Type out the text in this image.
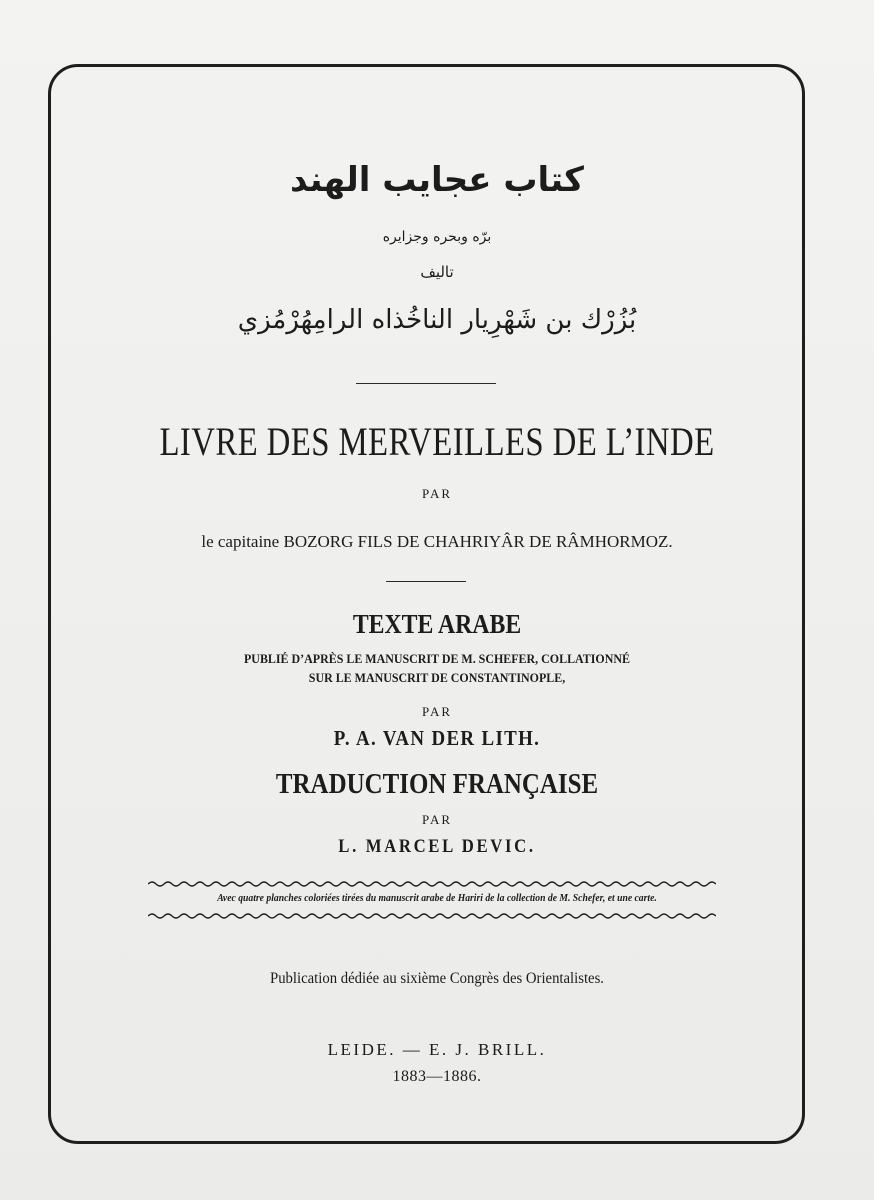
كتاب عجايب الهند
برّه وبحره وجزايره
تاليف
بُزُرْك بن شَهْرِيار الناخُذاه الرامِهُرْمُزي
LIVRE DES MERVEILLES DE L’INDE
PAR
le capitaine BOZORG FILS DE CHAHRIYÂR DE RÂMHORMOZ.
TEXTE ARABE
PUBLIÉ D’APRÈS LE MANUSCRIT DE M. SCHEFER, COLLATIONNÉ
SUR LE MANUSCRIT DE CONSTANTINOPLE,
PAR
P. A. VAN DER LITH.
TRADUCTION FRANÇAISE
PAR
L. MARCEL DEVIC.
Avec quatre planches coloriées tirées du manuscrit arabe de Hariri de la collection de M. Schefer, et une carte.
Publication dédiée au sixième Congrès des Orientalistes.
LEIDE. — E. J. BRILL.
1883—1886.
